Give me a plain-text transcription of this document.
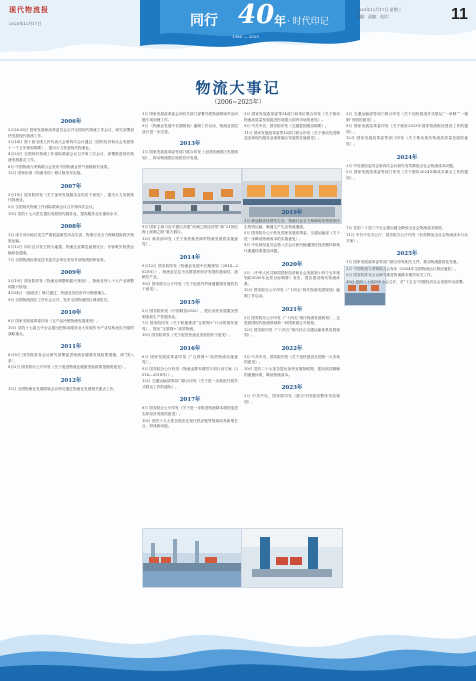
现代物流报
2025年12月17日	同行 40 年
1985 — 2025
· 时代印记
2025年12月17日 星期三
采编：责编：电话：	11
物流大事记
（2006~2025年）
2006年

2月26-28日 国家发展和改革委员会召开全国现代物流工作会议，研究部署加快发展现代物流工作。

3月14日 第十届全国人民代表大会第四次会议通过《国民经济和社会发展第十一个五年规划纲要》，提出大力发展现代物流业。

4月23日 全国现代物流工作部际联席会议召开第三次会议，部署推进现代物流发展重点工作。

6月 中国物流与采购联合会发布中国物流业景气指数研究成果。

12月 国家标准《物流术语》修订版发布实施。

2007年

3月19日 国务院印发《关于加快发展服务业的若干意见》，提出大力发展现代物流业。

5月 全国现代物流工作部际联席会议召开第四次会议。

10月 党的十七大报告提出发展现代服务业，提高服务业比重和水平。

2008年

1月 南方部分地区发生严重低温雨雪冰冻灾害，物流行业全力保障抢险救灾物资运输。

5月12日 四川汶川发生特大地震，物流企业紧急驰援灾区，开辟救灾物资运输绿色通道。

7月 全国物流标准化技术委员会审定发布多项物流国家标准。

2009年

3月10日 国务院印发《物流业调整和振兴规划》，物流业列入十大产业调整和振兴规划。

4月24日 《邮政法》修订通过，快递业务经营许可制度确立。

9月 全国物流园区工作年会召开，发布全国物流园区调查报告。

2010年

6月 国家发展改革委印发《农产品冷链物流发展规划》。

10月 党的十七届五中全会提出把推动服务业大发展作为产业结构优化升级的战略重点。

2011年

6月8日 国务院常务会议研究部署促进物流业健康发展政策措施，即“国八条”。

8月2日 国务院办公厅印发《关于促进物流业健康发展政策措施的意见》。

2012年

12月 全国物流业发展联席会议审议通过物流业发展相关重点工作。

1月 国家发展改革委会同有关部门部署开展物流领域突出问题专项治理工作。

9月 《物流业发展中长期规划》编制工作启动，物流业顶层设计进一步完善。

2013年

1月 国家发展改革委等部门联合印发《全国物流园区发展规划》，推动物流园区规范有序发展。

9月 国家主席习近平提出共建“丝绸之路经济带”和“21世纪海上丝绸之路”重大倡议。

12月 商务部印发《关于加快推进商贸物流发展的实施意见》。

2014年

9月12日 国务院印发《物流业发展中长期规划（2014—2020年）》，物流业定位为支撑国民经济发展的基础性、战略性产业。

10月 国务院办公厅印发《关于促进内贸流通健康发展的若干意见》。

2015年

5月 国务院印发《中国制造2025》，提出加快发展服务型制造和生产性服务业。

7月 国务院印发《关于积极推进“互联网+”行动的指导意见》，提出“互联网+”高效物流。

10月 国务院印发《关于促进快递业发展的若干意见》。

2016年

6月 国家发展改革委印发《“互联网+”高效物流实施意见》。

9月 国务院办公厅转发《物流业降本增效专项行动方案（2016—2018年）》。

12月 交通运输部等部门联合印发《关于进一步鼓励开展多式联运工作的通知》。

2017年

8月 国务院办公厅印发《关于进一步推进物流降本增效促进实体经济发展的意见》。

10月 党的十九大报告提出在现代供应链等领域培育新增长点、形成新动能。

3月 国家发展改革委等24部门和单位联合印发《关于推动物流高质量发展促进形成强大国内市场的意见》。

9月 中共中央、国务院印发《交通强国建设纲要》。

11月 国家发展改革委等15部门联合印发《关于推动先进制造业和现代服务业深度融合发展的实施意见》。

2019年

1月 新冠肺炎疫情发生后，物流行业全力保障防疫物资和民生物资运输，畅通生产生活物流通道。

5月 国务院办公厅转发国家发展改革委、交通运输部《关于进一步降低物流成本的实施意见》。

9月 中央财经委员会第八次会议研究畅通国民经济循环和现代流通体系建设问题。

2020年

3月 《中华人民共和国国民经济和社会发展第十四个五年规划和2035年远景目标纲要》发布，提出建设现代物流体系。

12月 国务院办公厅印发《“十四五”现代物流发展规划》编制工作启动。

2021年

5月 国务院办公厅印发《“十四五”现代物流发展规划》，这是我国现代物流领域第一份国家级五年规划。

12月 国务院印发《“十四五”现代综合交通运输体系发展规划》。

2022年

3月 中共中央、国务院印发《关于加快建设全国统一大市场的意见》。

10月 党的二十大报告提出加快发展物联网，建设高效顺畅的流通体系，降低物流成本。

2023年

2月 中共中央、国务院印发《数字中国建设整体布局规划》。

3月 交通运输部等部门联合印发《关于加快推进多式联运“一单制”“一箱制”发展的意见》。

9月 国家发展改革委印发《关于做好2023年国家物流枢纽建设工作的通知》。

12月 国家发展改革委等部门印发《关于推动现代物流高质量发展的意见》。

2024年

2月 中央财经委员会第四次会议研究有效降低全社会物流成本问题。

5月 国家发展改革委等部门印发《关于做好2024年降成本重点工作的通知》。

7月 党的二十届三中全会提出健全降低全社会物流成本制度。

11月 中共中央办公厅、国务院办公厅印发《有效降低全社会物流成本行动方案》。

2025年

1月 国家发展改革委等部门联合印发相关文件，推动物流数智化发展。

3月 中国物流与采购联合会发布《2024年全国物流运行情况通报》。

5月 国务院常务会议研究推进物流降本增效有关工作。

10月 党的二十届四中全会召开，对“十五五”时期经济社会发展作出部署。
